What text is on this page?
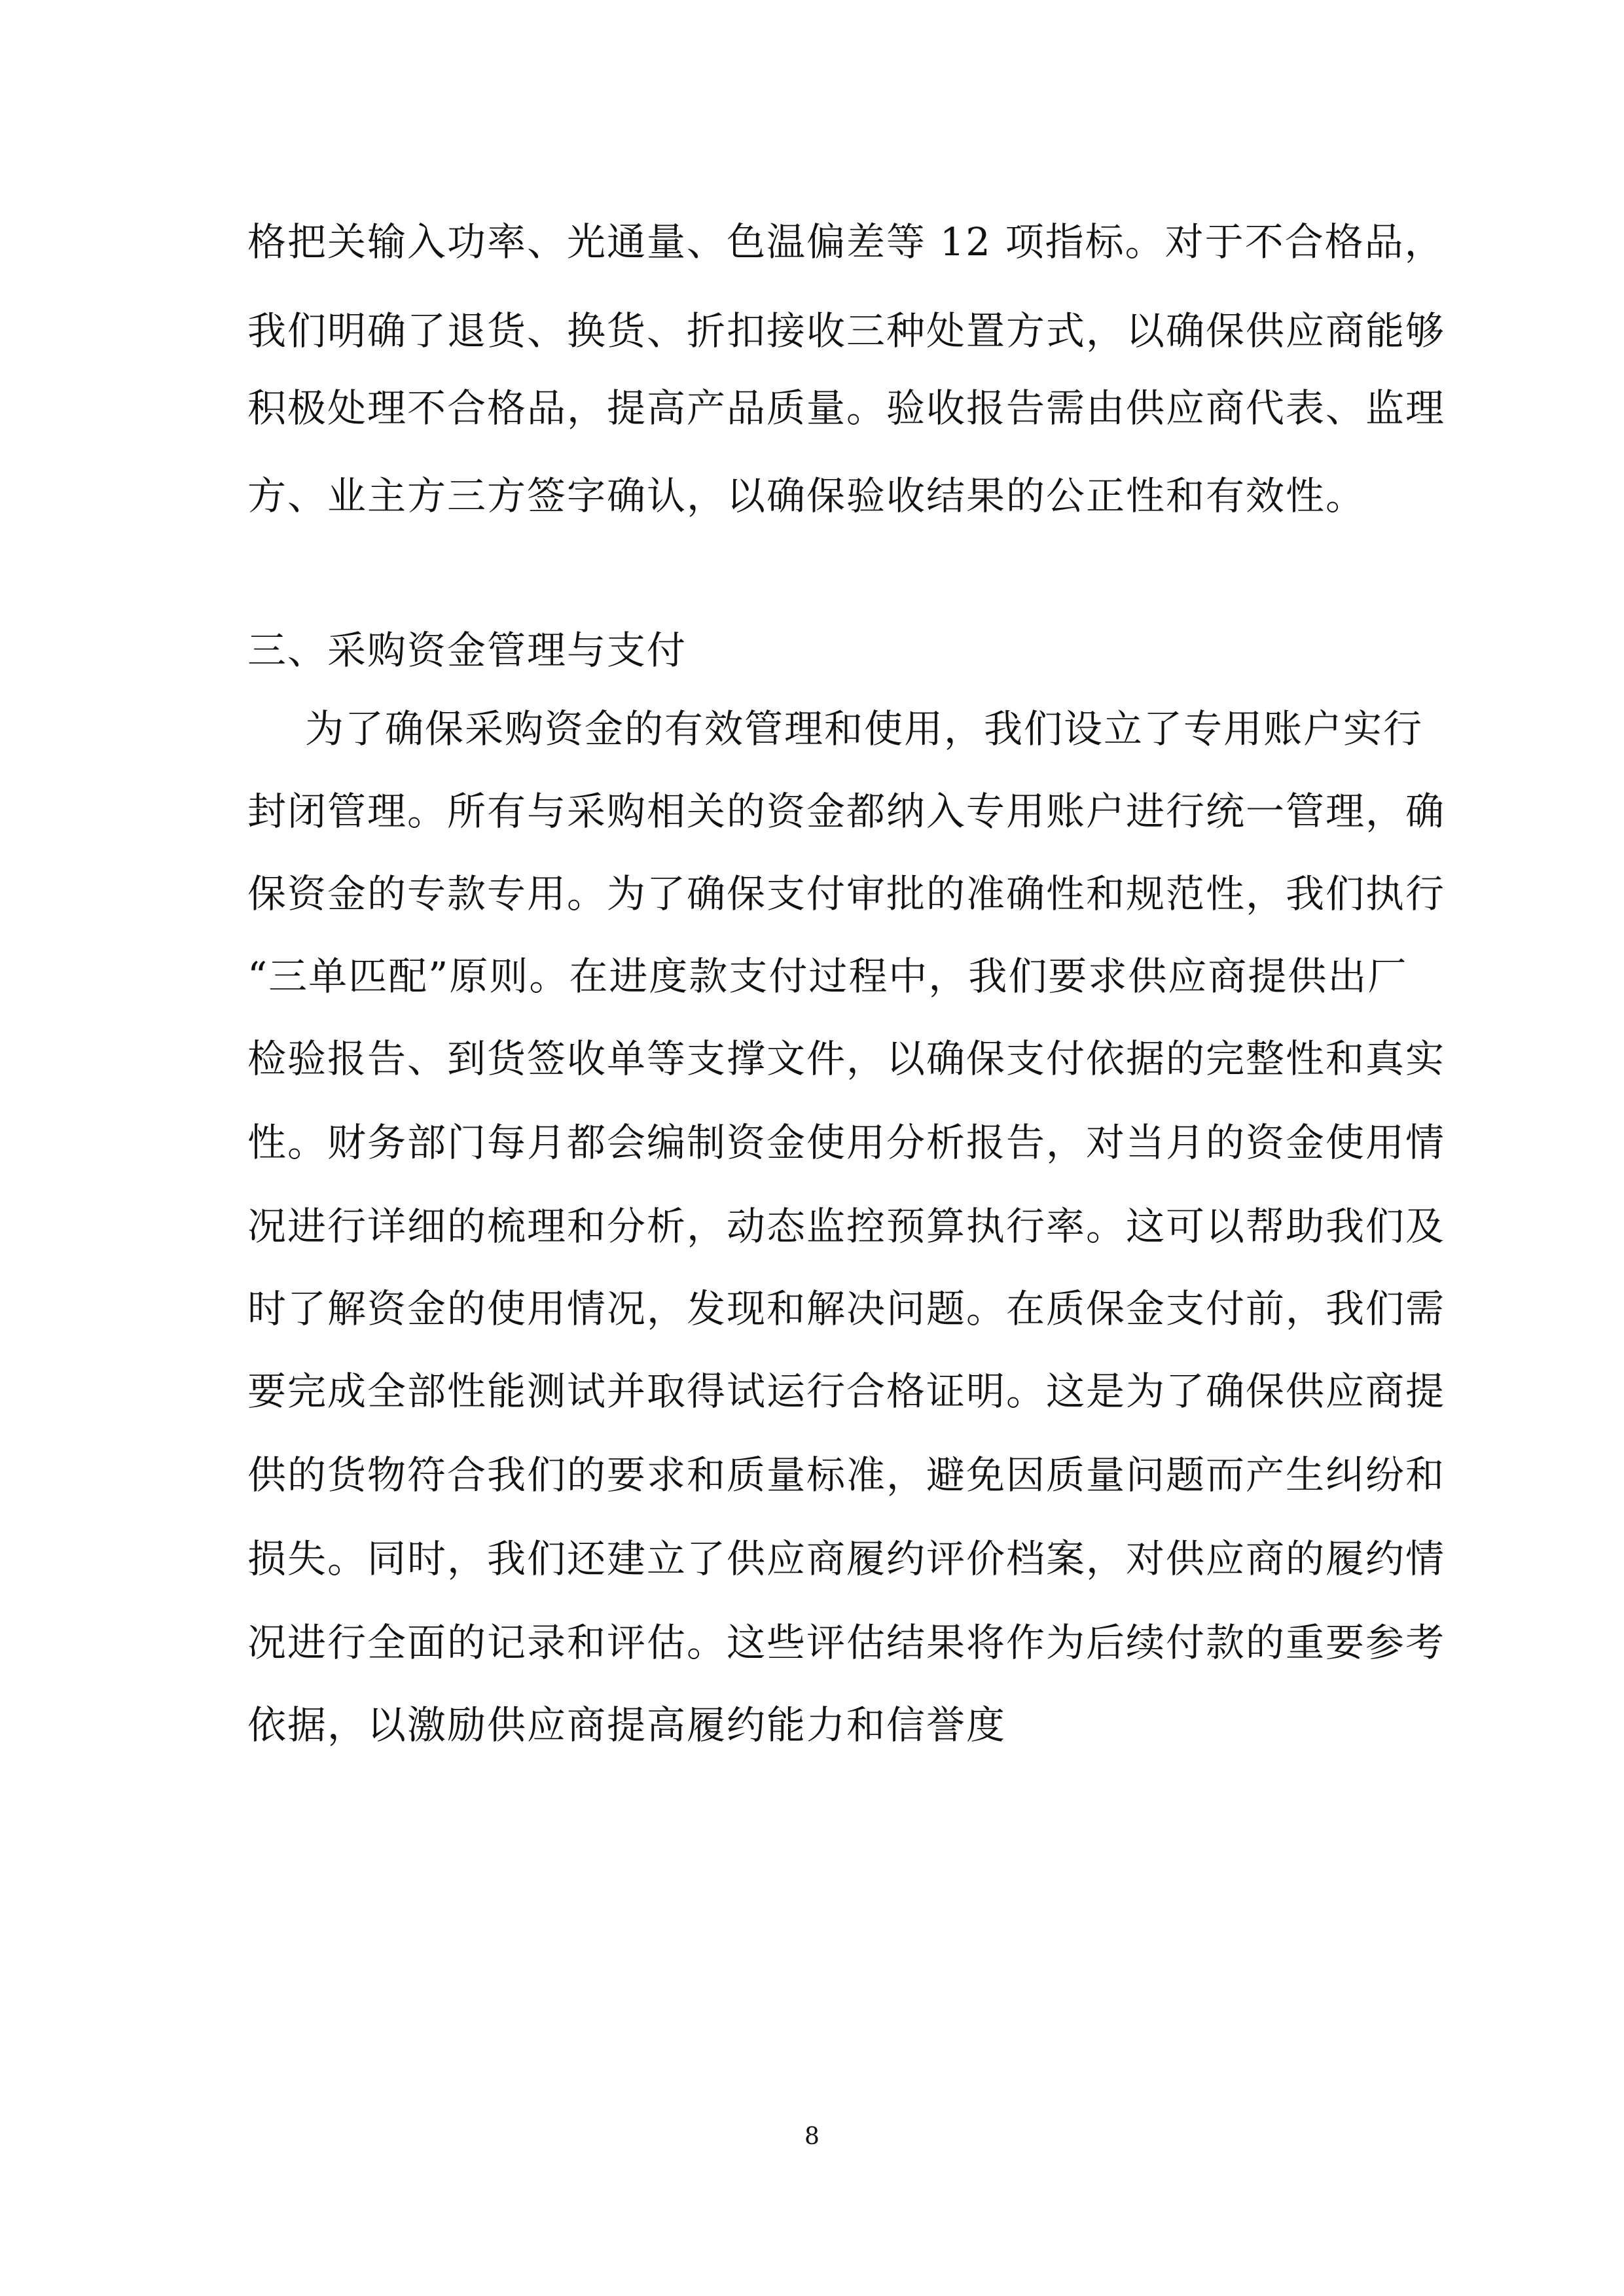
格把关输入功率、光通量、色温偏差等 12 项指标。对于不合格品，
我们明确了退货、换货、折扣接收三种处置方式，以确保供应商能够
积极处理不合格品，提高产品质量。验收报告需由供应商代表、监理
方、业主方三方签字确认，以确保验收结果的公正性和有效性。
三、采购资金管理与支付
为了确保采购资金的有效管理和使用，我们设立了专用账户实行
封闭管理。所有与采购相关的资金都纳入专用账户进行统一管理，确
保资金的专款专用。为了确保支付审批的准确性和规范性，我们执行
“三单匹配”原则。在进度款支付过程中，我们要求供应商提供出厂
检验报告、到货签收单等支撑文件，以确保支付依据的完整性和真实
性。财务部门每月都会编制资金使用分析报告，对当月的资金使用情
况进行详细的梳理和分析，动态监控预算执行率。这可以帮助我们及
时了解资金的使用情况，发现和解决问题。在质保金支付前，我们需
要完成全部性能测试并取得试运行合格证明。这是为了确保供应商提
供的货物符合我们的要求和质量标准，避免因质量问题而产生纠纷和
损失。同时，我们还建立了供应商履约评价档案，对供应商的履约情
况进行全面的记录和评估。这些评估结果将作为后续付款的重要参考
依据，以激励供应商提高履约能力和信誉度
8
